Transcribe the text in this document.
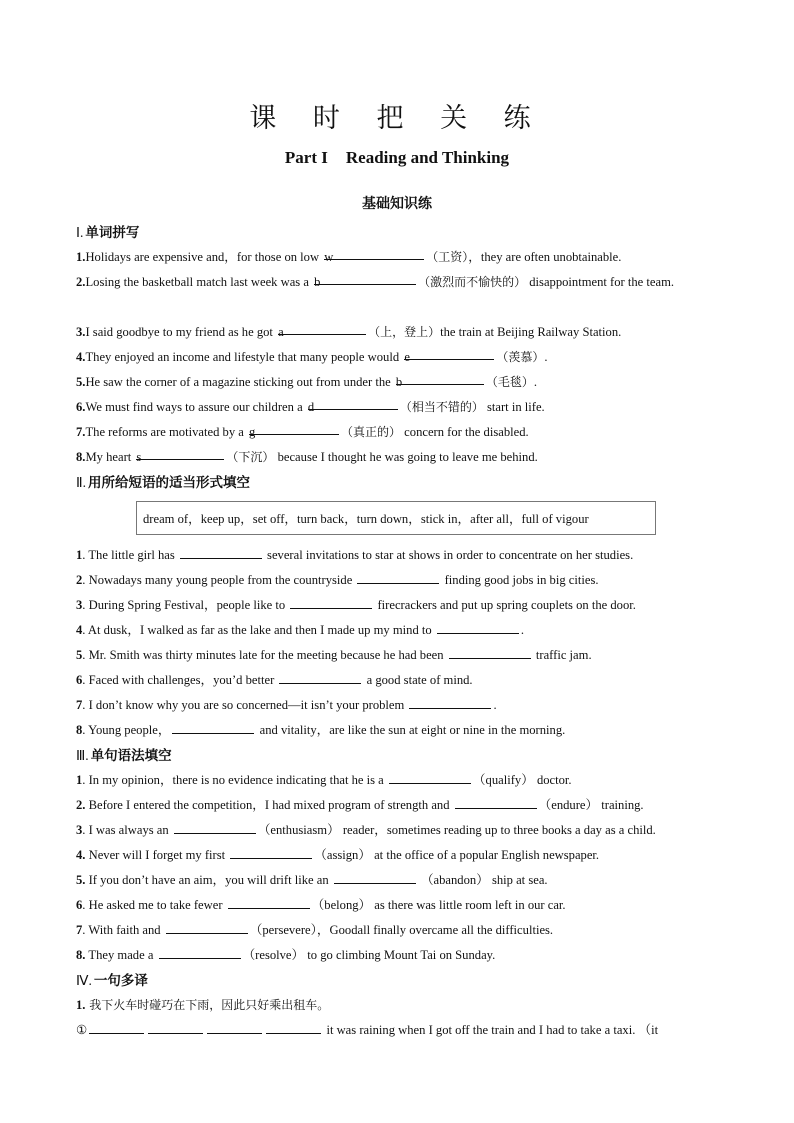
课 时 把 关 练
Part I Reading and Thinking
基础知识练
Ⅰ. 单词拼写
1.Holidays are expensive and，for those on low w	（工资），they are often unobtainable.
2.Losing the basketball match last week was a b	（激烈而不愉快的） disappointment for the team.
3.I said goodbye to my friend as he got a	（上，登上）the train at Beijing Railway Station.
4.They enjoyed an income and lifestyle that many people would e	（羡慕）.
5.He saw the corner of a magazine sticking out from under the b	（毛毯）.
6.We must find ways to assure our children a d	（相当不错的） start in life.
7.The reforms are motivated by a g	（真正的） concern for the disabled.
8.My heart s	（下沉） because I thought he was going to leave me behind.
Ⅱ. 用所给短语的适当形式填空
dream of，keep up，set off，turn back，turn down，stick in，after all，full of vigour
1. The little girl has	several invitations to star at shows in order to concentrate on her studies.
2. Nowadays many young people from the countryside	finding good jobs in big cities.
3. During Spring Festival，people like to	firecrackers and put up spring couplets on the door.
4. At dusk，I walked as far as the lake and then I made up my mind to	.
5. Mr. Smith was thirty minutes late for the meeting because he had been	traffic jam.
6. Faced with challenges，you’d better	a good state of mind.
7. I don’t know why you are so concerned—it isn’t your problem	.
8. Young people，	and vitality，are like the sun at eight or nine in the morning.
Ⅲ. 单句语法填空
1. In my opinion，there is no evidence indicating that he is a	（qualify） doctor.
2. Before I entered the competition，I had mixed program of strength and	（endure） training.
3. I was always an	（enthusiasm） reader，sometimes reading up to three books a day as a child.
4. Never will I forget my first	（assign） at the office of a popular English newspaper.
5. If you don’t have an aim，you will drift like an	（abandon） ship at sea.
6. He asked me to take fewer	（belong） as there was little room left in our car.
7. With faith and	（persevere），Goodall finally overcame all the difficulties.
8. They made a	（resolve） to go climbing Mount Tai on Sunday.
Ⅳ. 一句多译
1. 我下火车时碰巧在下雨，因此只好乘出租车。
①	it was raining when I got off the train and I had to take a taxi. （it
